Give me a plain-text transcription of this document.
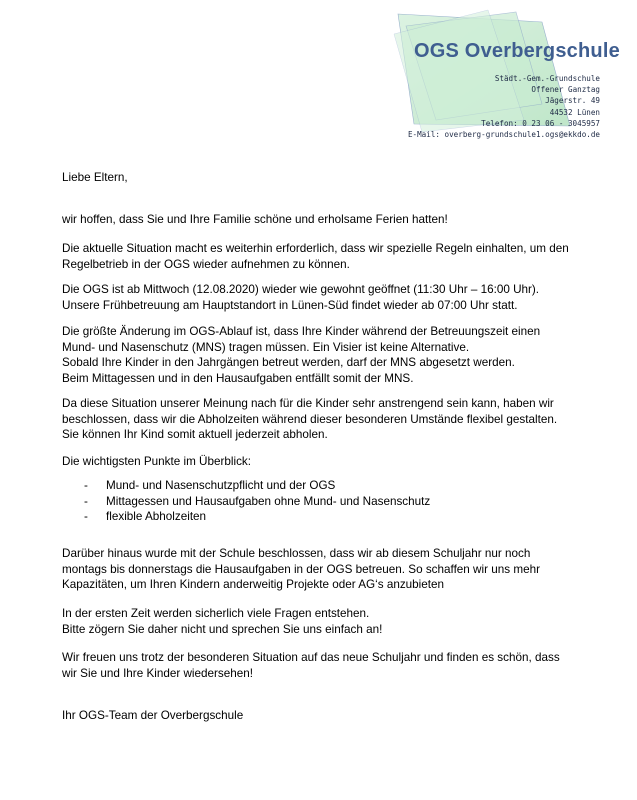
OGS Overbergschule
Städt.-Gem.-Grundschule
Offener Ganztag
Jägerstr. 49
44532 Lünen
Telefon: 0 23 06 - 3045957
E-Mail: overberg-grundschule1.ogs@ekkdo.de
Liebe Eltern,
wir hoffen, dass Sie und Ihre Familie schöne und erholsame Ferien hatten!
Die aktuelle Situation macht es weiterhin erforderlich, dass wir spezielle Regeln einhalten, um den
Regelbetrieb in der OGS wieder aufnehmen zu können.
Die OGS ist ab Mittwoch (12.08.2020) wieder wie gewohnt geöffnet (11:30 Uhr – 16:00 Uhr).
Unsere Frühbetreuung am Hauptstandort in Lünen-Süd findet wieder ab 07:00 Uhr statt.
Die größte Änderung im OGS-Ablauf ist, dass Ihre Kinder während der Betreuungszeit einen
Mund- und Nasenschutz (MNS) tragen müssen. Ein Visier ist keine Alternative.
Sobald Ihre Kinder in den Jahrgängen betreut werden, darf der MNS abgesetzt werden.
Beim Mittagessen und in den Hausaufgaben entfällt somit der MNS.
Da diese Situation unserer Meinung nach für die Kinder sehr anstrengend sein kann, haben wir
beschlossen, dass wir die Abholzeiten während dieser besonderen Umstände flexibel gestalten.
Sie können Ihr Kind somit aktuell jederzeit abholen.
Die wichtigsten Punkte im Überblick:
-	Mund- und Nasenschutzpflicht und der OGS
-	Mittagessen und Hausaufgaben ohne Mund- und Nasenschutz
-	flexible Abholzeiten
Darüber hinaus wurde mit der Schule beschlossen, dass wir ab diesem Schuljahr nur noch
montags bis donnerstags die Hausaufgaben in der OGS betreuen. So schaffen wir uns mehr
Kapazitäten, um Ihren Kindern anderweitig Projekte oder AG‘s anzubieten
In der ersten Zeit werden sicherlich viele Fragen entstehen.
Bitte zögern Sie daher nicht und sprechen Sie uns einfach an!
Wir freuen uns trotz der besonderen Situation auf das neue Schuljahr und finden es schön, dass
wir Sie und Ihre Kinder wiedersehen!
Ihr OGS-Team der Overbergschule
